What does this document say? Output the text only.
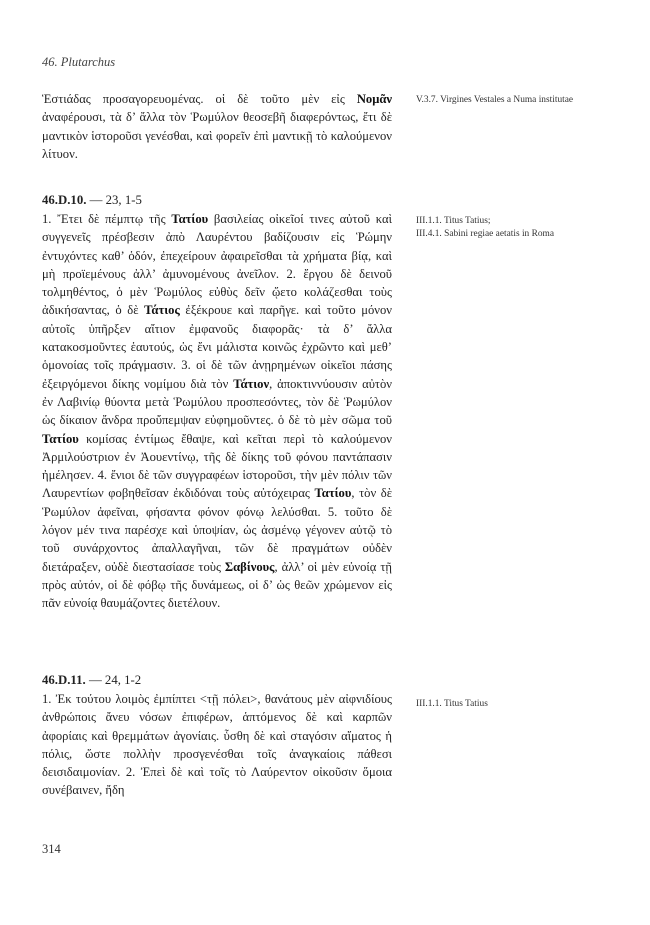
46. Plutarchus

Ἑστιάδας προσαγορευομένας. οἱ δὲ τοῦτο μὲν εἰς Νομᾶν ἀναφέρουσι, τὰ δ’ ἄλλα τὸν Ῥωμύλον θεοσεβῆ διαφερόντως, ἔτι δὲ μαντικὸν ἱστοροῦσι γενέσθαι, καὶ φορεῖν ἐπὶ μαντικῇ τὸ καλούμενον λίτυον.

V.3.7. Virgines Vestales a Numa institutae
46.D.10. — 23, 1-5

1. Ἔτει δὲ πέμπτῳ τῆς Τατίου βασιλείας οἰκεῖοί τινες αὐτοῦ καὶ συγγενεῖς πρέσβεσιν ἀπὸ Λαυρέντου βαδίζουσιν εἰς Ῥώμην ἐντυχόντες καθ’ ὁδόν, ἐπεχείρουν ἀφαιρεῖσθαι τὰ χρήματα βίᾳ, καὶ μὴ προϊεμένους ἀλλ’ ἀμυνομένους ἀνεῖλον. 2. ἔργου δὲ δεινοῦ τολμηθέντος, ὁ μὲν Ῥωμύλος εὐθὺς δεῖν ᾤετο κολάζεσθαι τοὺς ἀδικήσαντας, ὁ δὲ Τάτιος ἐξέκρουε καὶ παρῆγε. καὶ τοῦτο μόνον αὐτοῖς ὑπῆρξεν αἴτιον ἐμφανοῦς διαφορᾶς· τὰ δ’ ἄλλα κατακοσμοῦντες ἑαυτούς, ὡς ἔνι μάλιστα κοινῶς ἐχρῶντο καὶ μεθ’ ὁμονοίας τοῖς πράγμασιν. 3. οἱ δὲ τῶν ἀνῃρημένων οἰκεῖοι πάσης ἐξειργόμενοι δίκης νομίμου διὰ τὸν Τάτιον, ἀποκτιννύουσιν αὐτὸν ἐν Λαβινίῳ θύοντα μετὰ Ῥωμύλου προσπεσόντες, τὸν δὲ Ῥωμύλον ὡς δίκαιον ἄνδρα προὔπεμψαν εὐφημοῦντες. ὁ δὲ τὸ μὲν σῶμα τοῦ Τατίου κομίσας ἐντίμως ἔθαψε, καὶ κεῖται περὶ τὸ καλούμενον Ἀρμιλούστριον ἐν Ἀουεντίνῳ, τῆς δὲ δίκης τοῦ φόνου παντάπασιν ἠμέλησεν. 4. ἔνιοι δὲ τῶν συγγραφέων ἱστοροῦσι, τὴν μὲν πόλιν τῶν Λαυρεντίων φοβηθεῖσαν ἐκδιδόναι τοὺς αὐτόχειρας Τατίου, τὸν δὲ Ῥωμύλον ἀφεῖναι, φήσαντα φόνον φόνῳ λελύσθαι. 5. τοῦτο δὲ λόγον μέν τινα παρέσχε καὶ ὑποψίαν, ὡς ἀσμένῳ γέγονεν αὐτῷ τὸ τοῦ συνάρχοντος ἀπαλλαγῆναι, τῶν δὲ πραγμάτων οὐδὲν διετάραξεν, οὐδὲ διεστασίασε τοὺς Σαβίνους, ἀλλ’ οἱ μὲν εὐνοίᾳ τῇ πρὸς αὐτόν, οἱ δὲ φόβῳ τῆς δυνάμεως, οἱ δ’ ὡς θεῶν χρώμενον εἰς πᾶν εὐνοίᾳ θαυμάζοντες διετέλουν.

III.1.1. Titus Tatius;
III.4.1. Sabini regiae aetatis in Roma
46.D.11. — 24, 1-2

1. Ἐκ τούτου λοιμὸς ἐμπίπτει <τῇ πόλει>, θανάτους μὲν αἰφνιδίους ἀνθρώποις ἄνευ νόσων ἐπιφέρων, ἁπτόμενος δὲ καὶ καρπῶν ἀφορίαις καὶ θρεμμάτων ἀγονίαις. ὗσθη δὲ καὶ σταγόσιν αἵματος ἡ πόλις, ὥστε πολλὴν προσγενέσθαι τοῖς ἀναγκαίοις πάθεσι δεισιδαιμονίαν. 2. Ἐπεὶ δὲ καὶ τοῖς τὸ Λαύρεντον οἰκοῦσιν ὅμοια συνέβαινεν, ἤδη

III.1.1. Titus Tatius
314
